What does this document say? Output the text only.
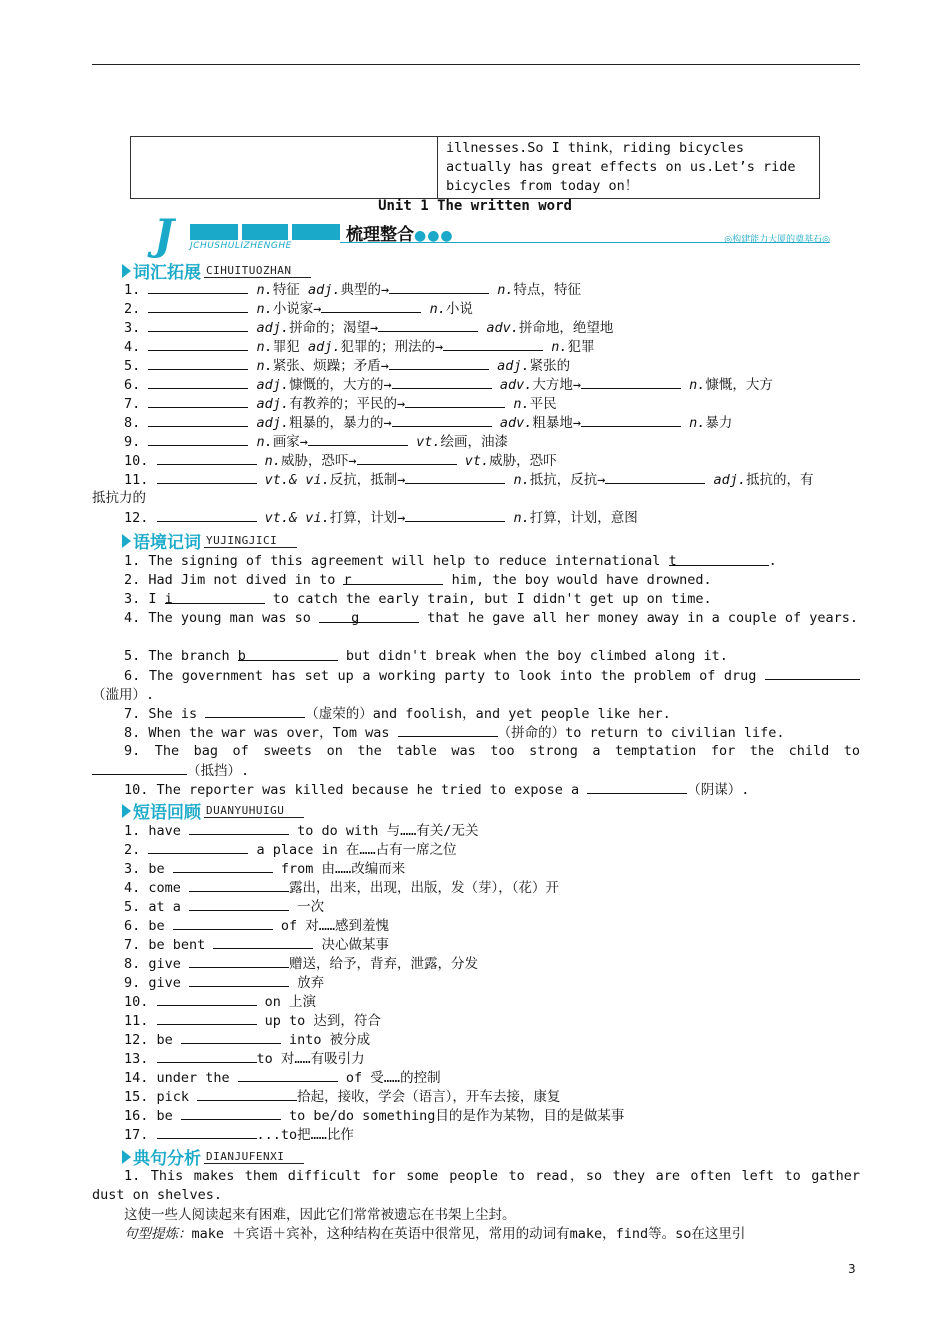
illnesses.So I think，riding bicycles
actually has great effects on us.Let’s ride
bicycles from today on！
Unit 1 The written word
J	梳理整合●●●
JCHUSHULIZHENGHE
◎构建能力大厦的奠基石◎
词汇拓展 CIHUITUOZHAN
1.	n.特征 adj.典型的→	n.特点，特征
2.	n.小说家→	n.小说
3.	adj.拼命的；渴望→	adv.拼命地，绝望地
4.	n.罪犯 adj.犯罪的；刑法的→	n.犯罪
5.	n.紧张、烦躁；矛盾→	adj.紧张的
6.	adj.慷慨的，大方的→	adv.大方地→	n.慷慨，大方
7.	adj.有教养的；平民的→	n.平民
8.	adj.粗暴的，暴力的→	adv.粗暴地→	n.暴力
9.	n.画家→	vt.绘画，油漆
10.	n.威胁，恐吓→	vt.威胁，恐吓
11.	vt.& vi.反抗，抵制→	n.抵抗，反抗→	adj.抵抗的，有
抵抗力的
12.	vt.& vi.打算，计划→	n.打算，计划，意图
语境记词 YUJINGJICI
1. The signing of this agreement will help to reduce international t	.
2. Had Jim not dived in to r	him, the boy would have drowned.
3. I i	to catch the early train, but I didn't get up on time.
4. The young man was so g	that he gave all her money away in a couple of years.
5. The branch b	but didn't break when the boy climbed along it.
6. The government has set up a working party to look into the problem of drug （滥用）.
7. She is	（虚荣的）and foolish，and yet people like her.
8. When the war was over，Tom was	（拼命的）to return to civilian life.
9. The bag of sweets on the table was too strong a temptation for the child to （抵挡）.
10. The reporter was killed because he tried to expose a	（阴谋）.
短语回顾 DUANYUHUIGU
1. have	to do with 与……有关/无关
2.	a place in 在……占有一席之位
3. be	from 由……改编而来
4. come	露出，出来，出现，出版，发（芽），（花）开
5. at a	一次
6. be	of 对……感到羞愧
7. be bent	决心做某事
8. give	赠送，给予，背弃，泄露，分发
9. give	放弃
10.	on 上演
11.	up to 达到，符合
12. be	into 被分成
13.	to 对……有吸引力
14. under the	of 受……的控制
15. pick	拾起，接收，学会（语言），开车去接，康复
16. be	to be/do something目的是作为某物，目的是做某事
17.	...to把……比作
典句分析 DIANJUFENXI
1. This makes them difficult for some people to read，so they are often left to gather dust on shelves.
这使一些人阅读起来有困难，因此它们常常被遗忘在书架上尘封。
句型提炼：make ＋宾语＋宾补，这种结构在英语中很常见，常用的动词有make，find等。so在这里引
3
